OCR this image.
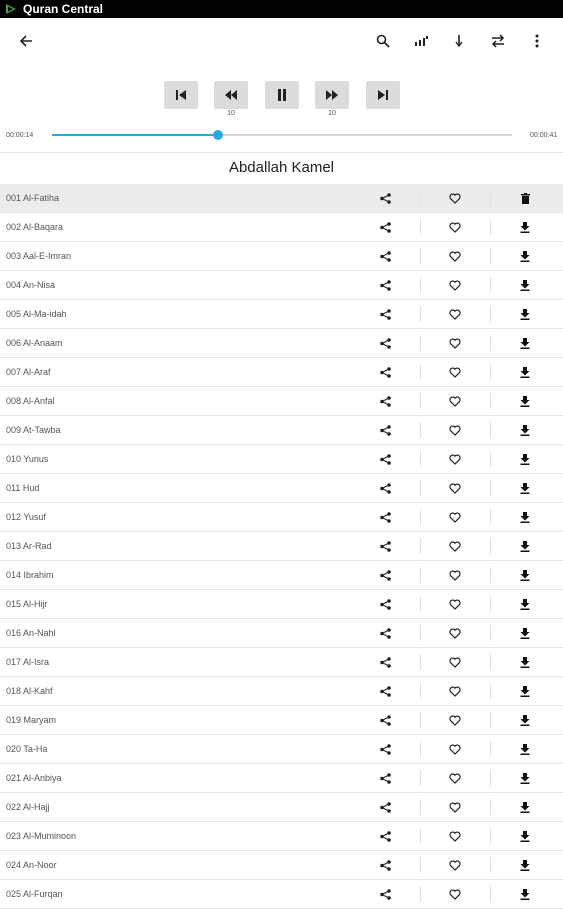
Quran Central
10	10
00:00:14	00:00:41
Abdallah Kamel
001 Al-Fatiha
002 Al-Baqara
003 Aal-E-Imran
004 An-Nisa
005 Al-Ma-idah
006 Al-Anaam
007 Al-Araf
008 Al-Anfal
009 At-Tawba
010 Yunus
011 Hud
012 Yusuf
013 Ar-Rad
014 Ibrahim
015 Al-Hijr
016 An-Nahl
017 Al-Isra
018 Al-Kahf
019 Maryam
020 Ta-Ha
021 Al-Anbiya
022 Al-Hajj
023 Al-Muminoon
024 An-Noor
025 Al-Furqan
